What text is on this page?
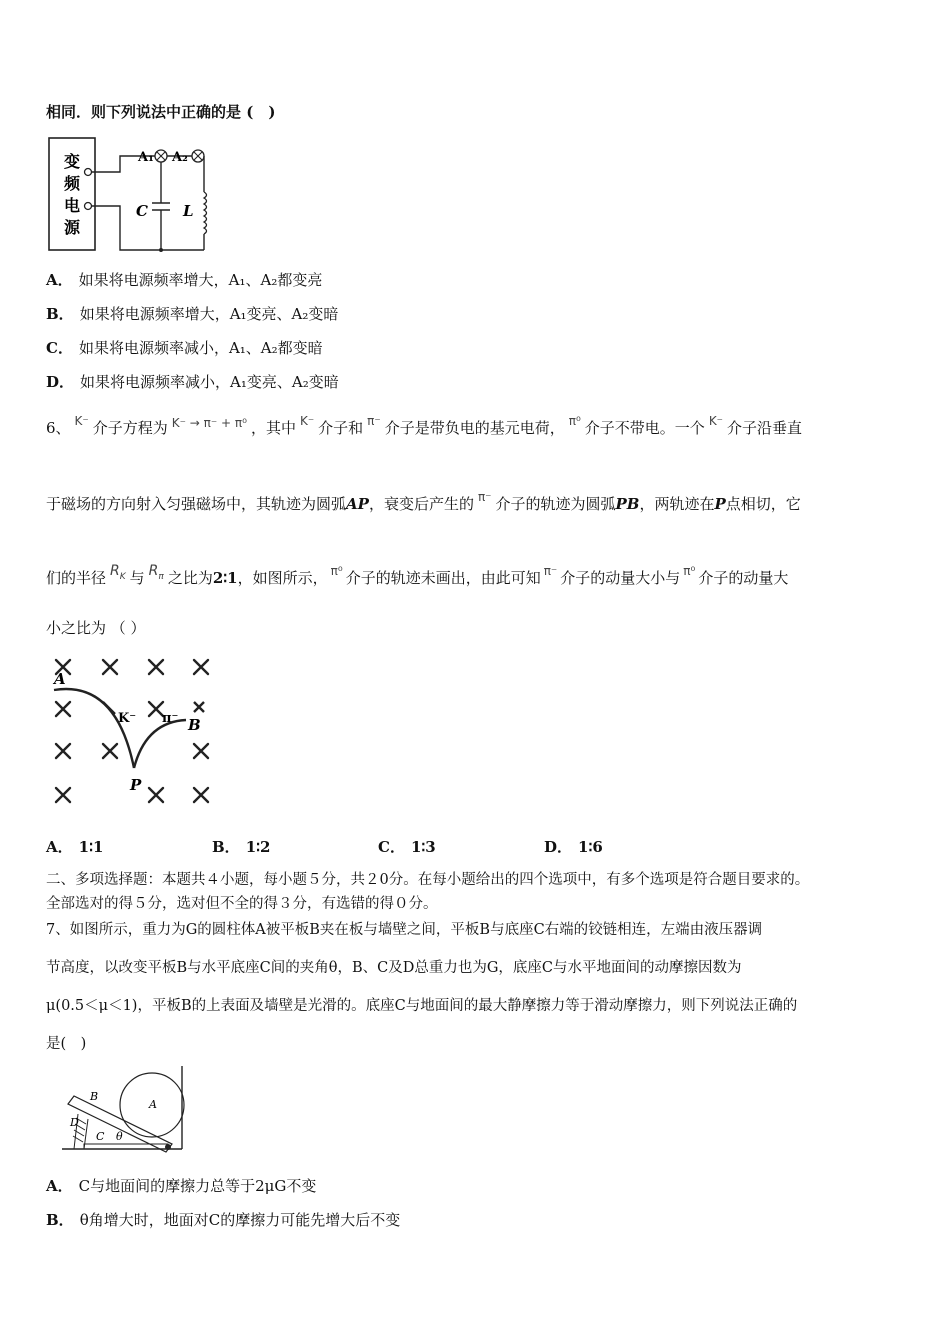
相同．则下列说法中正确的是 (　)
变
频
电
源
A₁ A₂
C L
A． 如果将电源频率增大，A₁、A₂都变亮
B． 如果将电源频率增大，A₁变亮、A₂变暗
C． 如果将电源频率减小，A₁、A₂都变暗
D． 如果将电源频率减小，A₁变亮、A₂变暗
6、 $^{K^-}$ 介子方程为 $^{K^- \to \pi^- + \pi^0}$ ，其中 $^{K^-}$ 介子和 $^{\pi^-}$ 介子是带负电的基元电荷， $^{\pi^0}$ 介子不带电。一个 $^{K^-}$ 介子沿垂直
于磁场的方向射入匀强磁场中，其轨迹为圆弧AP，衰变后产生的 $^{\pi^-}$ 介子的轨迹为圆弧PB，两轨迹在P点相切，它
们的半径 $R_K$ 与 $R_\pi$ 之比为2∶1，如图所示， $^{\pi^0}$ 介子的轨迹未画出，由此可知 $^{\pi^-}$ 介子的动量大小与 $^{\pi^0}$ 介子的动量大
小之比为 （ ）
A
B
P
K⁻ π⁻
A． 1∶1	B． 1∶2	C． 1∶3	D． 1∶6
二、多项选择题：本题共４小题，每小题５分，共２0分。在每小题给出的四个选项中，有多个选项是符合题目要求的。
全部选对的得５分，选对但不全的得３分，有选错的得０分。
7、如图所示，重力为G的圆柱体A被平板B夹在板与墙壁之间，平板B与底座C右端的铰链相连，左端由液压器调
节高度，以改变平板B与水平底座C间的夹角θ，B、C及D总重力也为G，底座C与水平地面间的动摩擦因数为
μ(0.5＜μ＜1)，平板B的上表面及墙壁是光滑的。底座C与地面间的最大静摩擦力等于滑动摩擦力，则下列说法正确的
是(　)
A
B
D
C θ
A． C与地面间的摩擦力总等于2μG不变
B． θ角增大时，地面对C的摩擦力可能先增大后不变
